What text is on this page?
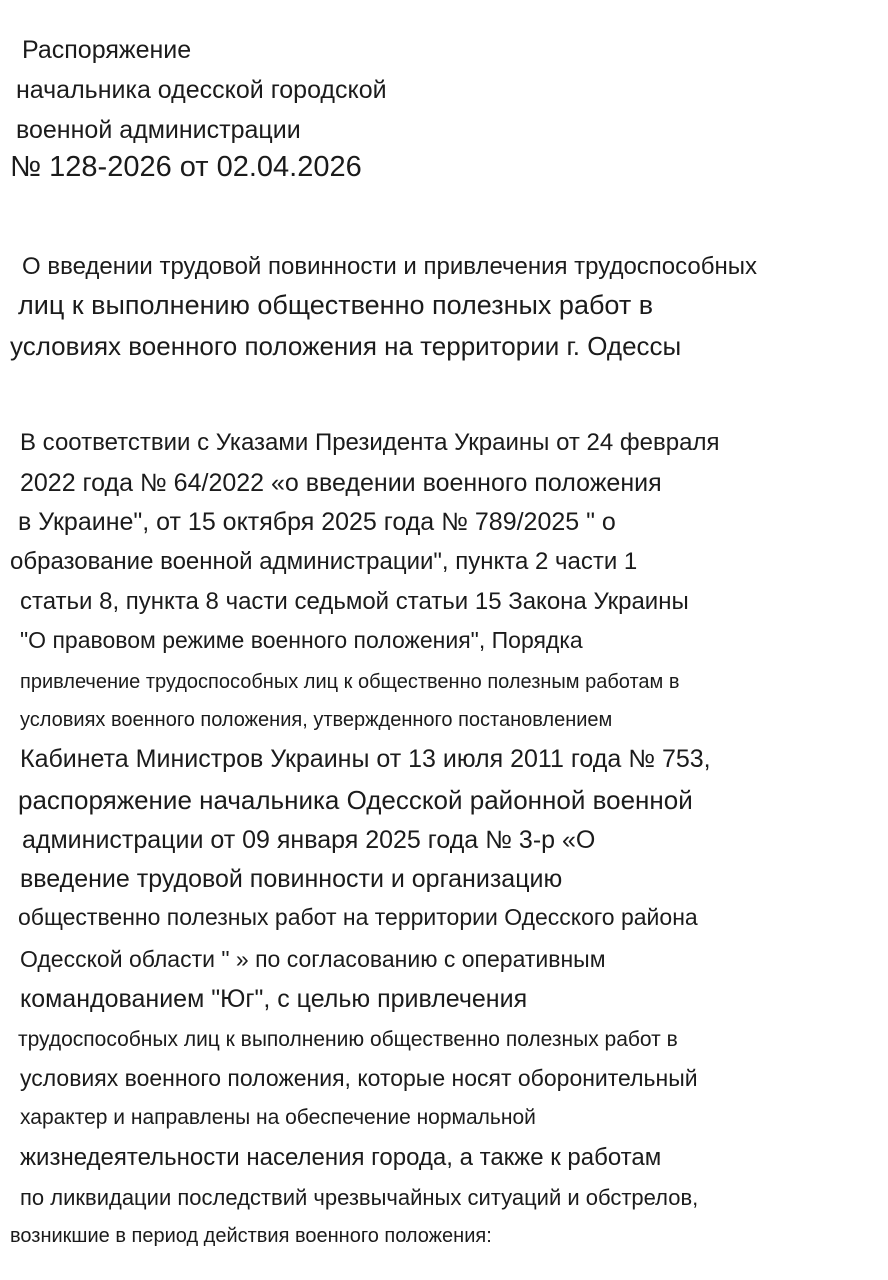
Распоряжение
начальника одесской городской
военной администрации
№ 128-2026 от 02.04.2026
О введении трудовой повинности и привлечения трудоспособных
лиц к выполнению общественно полезных работ в
условиях военного положения на территории г. Одессы
В соответствии с Указами Президента Украины от 24 февраля
2022 года № 64/2022 «о введении военного положения
в Украине", от 15 октября 2025 года № 789/2025 " о
образование военной администрации", пункта 2 части 1
статьи 8, пункта 8 части седьмой статьи 15 Закона Украины
"О правовом режиме военного положения", Порядка
привлечение трудоспособных лиц к общественно полезным работам в
условиях военного положения, утвержденного постановлением
Кабинета Министров Украины от 13 июля 2011 года № 753,
распоряжение начальника Одесской районной военной
администрации от 09 января 2025 года № 3-р «О
введение трудовой повинности и организацию
общественно полезных работ на территории Одесского района
Одесской области " » по согласованию с оперативным
командованием "Юг", с целью привлечения
трудоспособных лиц к выполнению общественно полезных работ в
условиях военного положения, которые носят оборонительный
характер и направлены на обеспечение нормальной
жизнедеятельности населения города, а также к работам
по ликвидации последствий чрезвычайных ситуаций и обстрелов,
возникшие в период действия военного положения:
